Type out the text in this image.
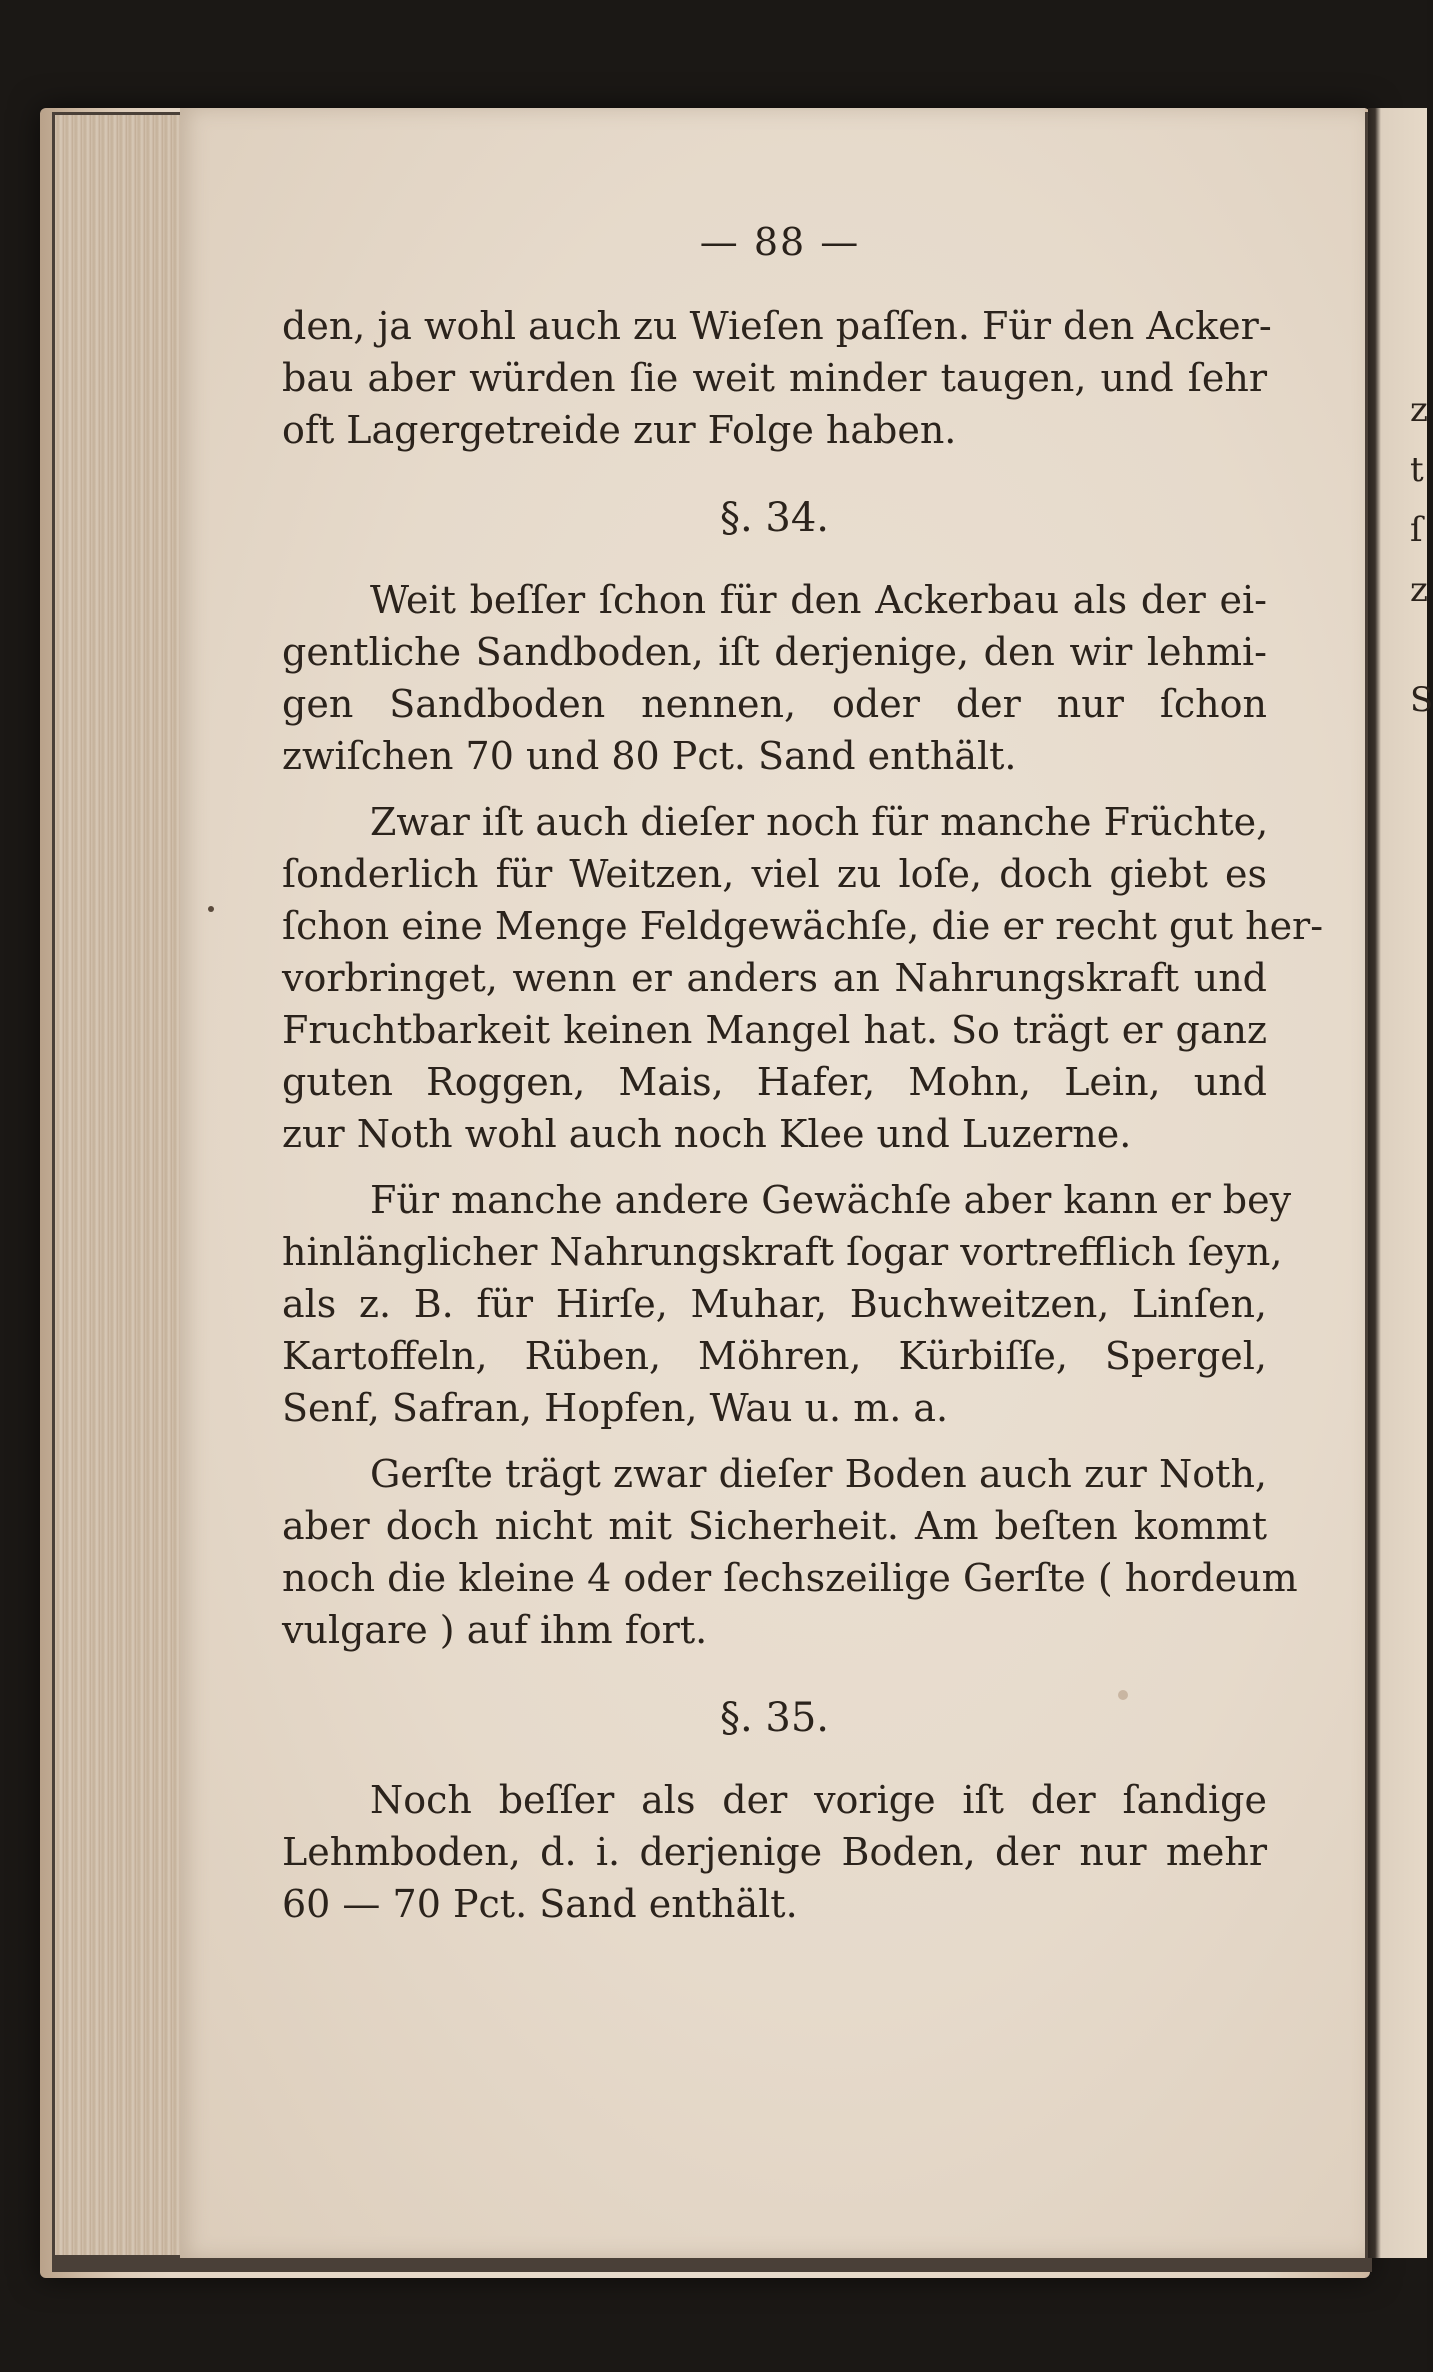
z
t
ſ
z
S
— 88 —
den, ja wohl auch zu Wieſen paſſen. Für den Acker-
bau aber würden ſie weit minder taugen, und ſehr
oft Lagergetreide zur Folge haben.
§. 34.
Weit beſſer ſchon für den Ackerbau als der ei-
gentliche Sandboden, iſt derjenige, den wir lehmi-
gen Sandboden nennen, oder der nur ſchon
zwiſchen 70 und 80 Pct. Sand enthält.
Zwar iſt auch dieſer noch für manche Früchte,
ſonderlich für Weitzen, viel zu loſe, doch giebt es
ſchon eine Menge Feldgewächſe, die er recht gut her-
vorbringet, wenn er anders an Nahrungskraft und
Fruchtbarkeit keinen Mangel hat. So trägt er ganz
guten Roggen, Mais, Hafer, Mohn, Lein, und
zur Noth wohl auch noch Klee und Luzerne.
Für manche andere Gewächſe aber kann er bey
hinlänglicher Nahrungskraft ſogar vortrefflich ſeyn,
als z. B. für Hirſe, Muhar, Buchweitzen, Linſen,
Kartoffeln, Rüben, Möhren, Kürbiſſe, Spergel,
Senf, Safran, Hopfen, Wau u. m. a.
Gerſte trägt zwar dieſer Boden auch zur Noth,
aber doch nicht mit Sicherheit. Am beſten kommt
noch die kleine 4 oder ſechszeilige Gerſte ( hordeum
vulgare ) auf ihm fort.
§. 35.
Noch beſſer als der vorige iſt der ſandige
Lehmboden, d. i. derjenige Boden, der nur mehr
60 — 70 Pct. Sand enthält.
